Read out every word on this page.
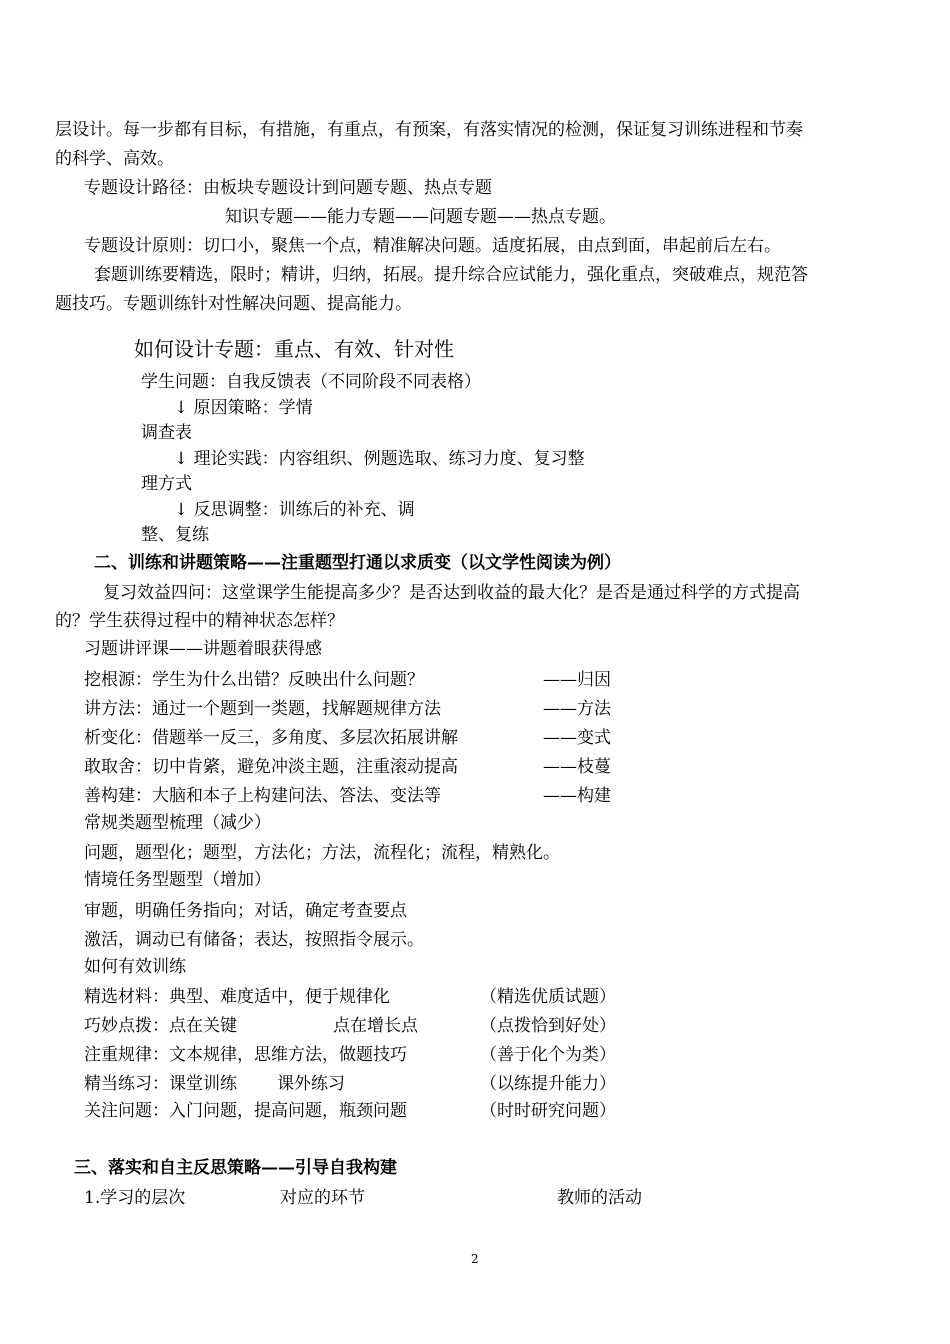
层设计。每一步都有目标，有措施，有重点，有预案，有落实情况的检测，保证复习训练进程和节奏
的科学、高效。
专题设计路径：由板块专题设计到问题专题、热点专题
知识专题——能力专题——问题专题——热点专题。
专题设计原则：切口小，聚焦一个点，精准解决问题。适度拓展，由点到面，串起前后左右。
套题训练要精选，限时；精讲，归纳，拓展。提升综合应试能力，强化重点，突破难点，规范答
题技巧。专题训练针对性解决问题、提高能力。
如何设计专题：重点、有效、针对性
学生问题：自我反馈表（不同阶段不同表格）
↓ 原因策略：学情
调查表
↓ 理论实践：内容组织、例题选取、练习力度、复习整
理方式
↓ 反思调整：训练后的补充、调
整、复练
二、训练和讲题策略——注重题型打通以求质变（以文学性阅读为例）
复习效益四问：这堂课学生能提高多少？是否达到收益的最大化？是否是通过科学的方式提高
的？学生获得过程中的精神状态怎样？
习题讲评课——讲题着眼获得感
挖根源：学生为什么出错？反映出什么问题？	——归因
讲方法：通过一个题到一类题，找解题规律方法	——方法
析变化：借题举一反三，多角度、多层次拓展讲解	——变式
敢取舍：切中肯綮，避免冲淡主题，注重滚动提高	——枝蔓
善构建：大脑和本子上构建问法、答法、变法等	——构建
常规类题型梳理（减少）
问题，题型化；题型，方法化；方法，流程化；流程，精熟化。
情境任务型题型（增加）
审题，明确任务指向；对话，确定考查要点
激活，调动已有储备；表达，按照指令展示。
如何有效训练
精选材料：典型、难度适中，便于规律化	（精选优质试题）
巧妙点拨：点在关键	点在增长点	（点拨恰到好处）
注重规律：文本规律，思维方法，做题技巧	（善于化个为类）
精当练习：课堂训练 课外练习	（以练提升能力）
关注问题：入门问题，提高问题，瓶颈问题	（时时研究问题）
三、落实和自主反思策略——引导自我构建
1.学习的层次	对应的环节	教师的活动
2
